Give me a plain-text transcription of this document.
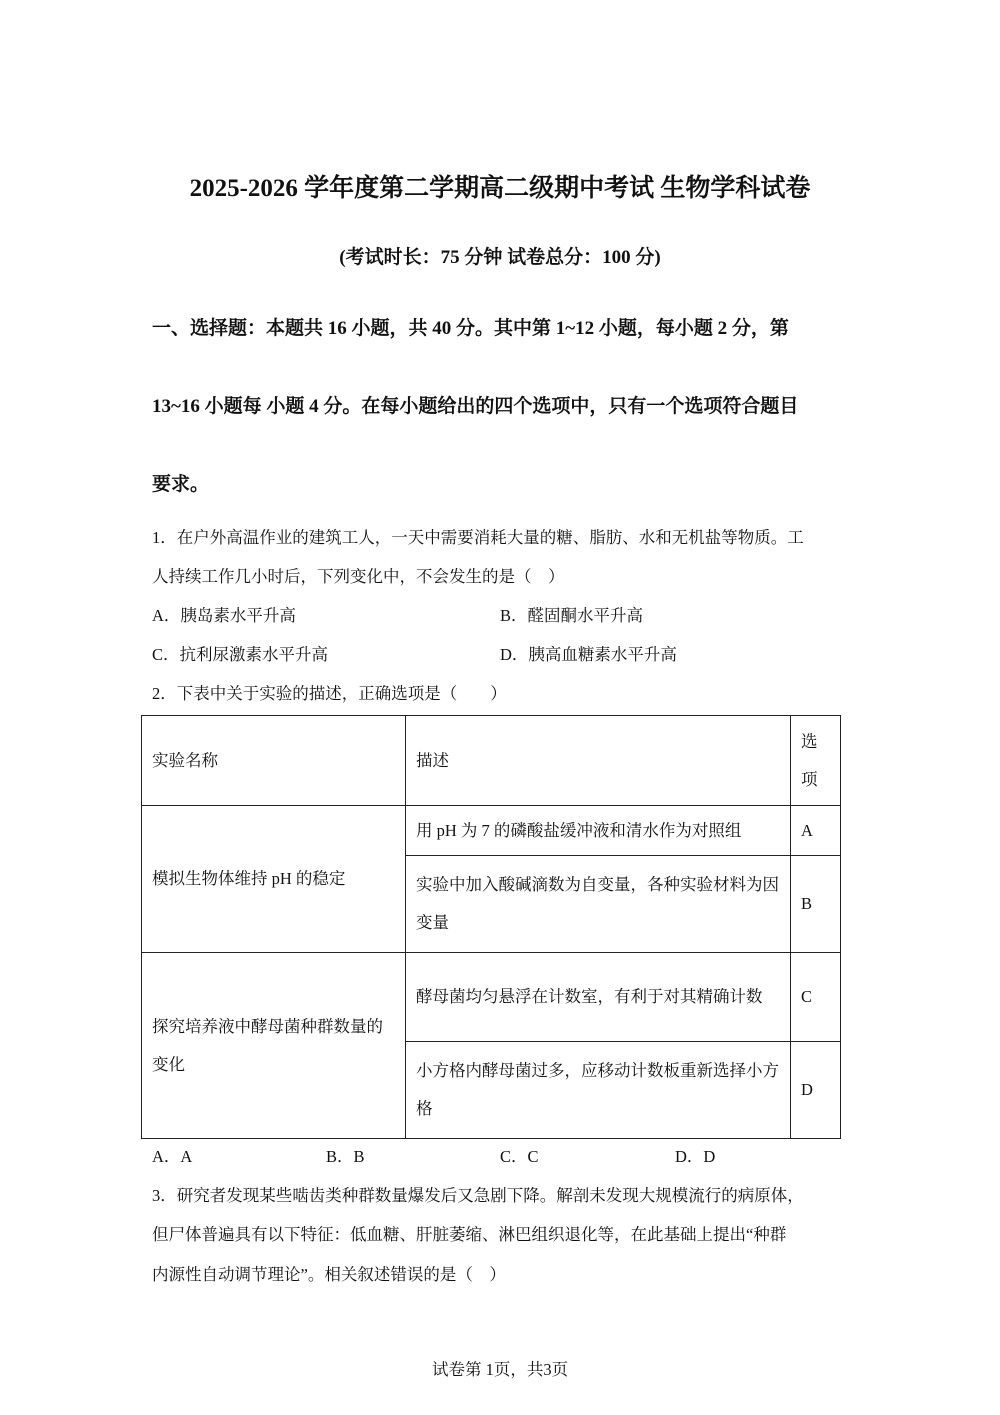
2025-2026 学年度第二学期高二级期中考试 生物学科试卷
(考试时长：75 分钟 试卷总分：100 分)
一、选择题：本题共 16 小题，共 40 分。其中第 1~12 小题，每小题 2 分，第
13~16 小题每 小题 4 分。在每小题给出的四个选项中，只有一个选项符合题目
要求。
1．在户外高温作业的建筑工人，一天中需要消耗大量的糖、脂肪、水和无机盐等物质。工
人持续工作几小时后，下列变化中，不会发生的是（　）
A．胰岛素水平升高	B．醛固酮水平升高
C．抗利尿激素水平升高	D．胰高血糖素水平升高
2．下表中关于实验的描述，正确选项是（　　）
实验名称	描述	选项
模拟生物体维持 pH 的稳定	用 pH 为 7 的磷酸盐缓冲液和清水作为对照组	A
	实验中加入酸碱滴数为自变量，各种实验材料为因变量	B
探究培养液中酵母菌种群数量的变化	酵母菌均匀悬浮在计数室，有利于对其精确计数	C
	小方格内酵母菌过多，应移动计数板重新选择小方格	D
A．A	B．B	C．C	D．D
3．研究者发现某些啮齿类种群数量爆发后又急剧下降。解剖未发现大规模流行的病原体，
但尸体普遍具有以下特征：低血糖、肝脏萎缩、淋巴组织退化等，在此基础上提出“种群
内源性自动调节理论”。相关叙述错误的是（　）
试卷第 1页，共3页
